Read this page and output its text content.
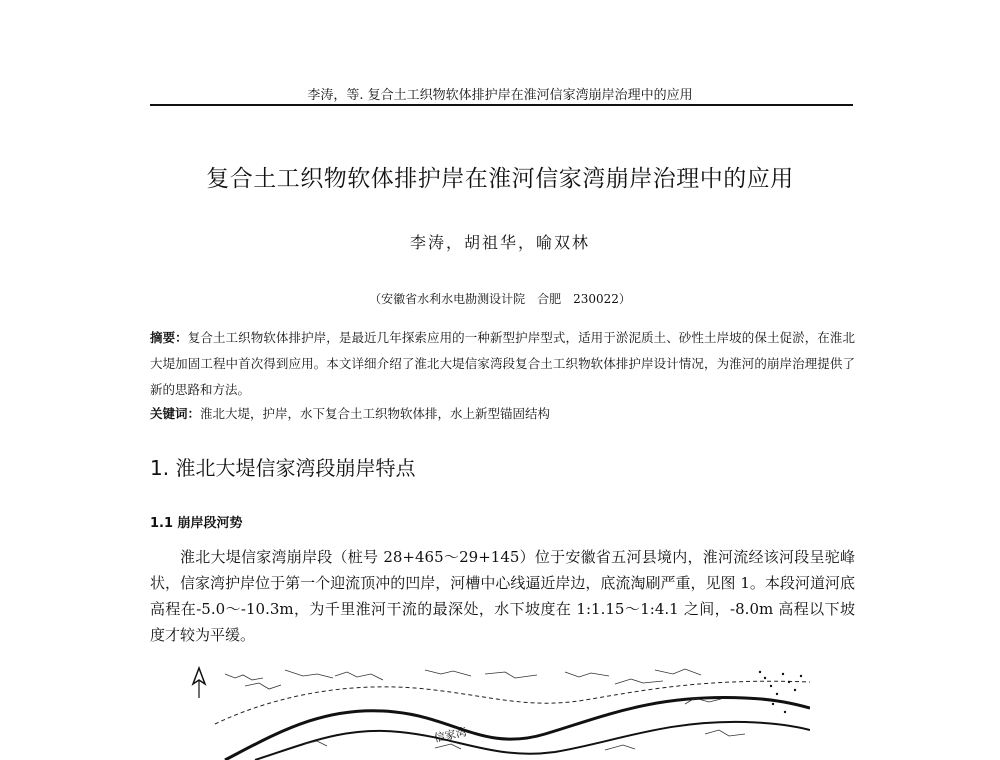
李涛，等. 复合土工织物软体排护岸在淮河信家湾崩岸治理中的应用
复合土工织物软体排护岸在淮河信家湾崩岸治理中的应用
李涛，胡祖华，喻双林
（安徽省水利水电勘测设计院　合肥　230022）
摘要：复合土工织物软体排护岸，是最近几年探索应用的一种新型护岸型式，适用于淤泥质土、砂性土岸坡的保土促淤，在淮北大堤加固工程中首次得到应用。本文详细介绍了淮北大堤信家湾段复合土工织物软体排护岸设计情况，为淮河的崩岸治理提供了新的思路和方法。
关键词：淮北大堤，护岸，水下复合土工织物软体排，水上新型锚固结构
1. 淮北大堤信家湾段崩岸特点
1.1 崩岸段河势

淮北大堤信家湾崩岸段（桩号 28+465～29+145）位于安徽省五河县境内，淮河流经该河段呈驼峰状，信家湾护岸位于第一个迎流顶冲的凹岸，河槽中心线逼近岸边，底流淘刷严重，见图 1。本段河道河底高程在-5.0～-10.3m，为千里淮河干流的最深处，水下坡度在 1:1.15～1:4.1 之间，-8.0m 高程以下坡度才较为平缓。

信家湾
